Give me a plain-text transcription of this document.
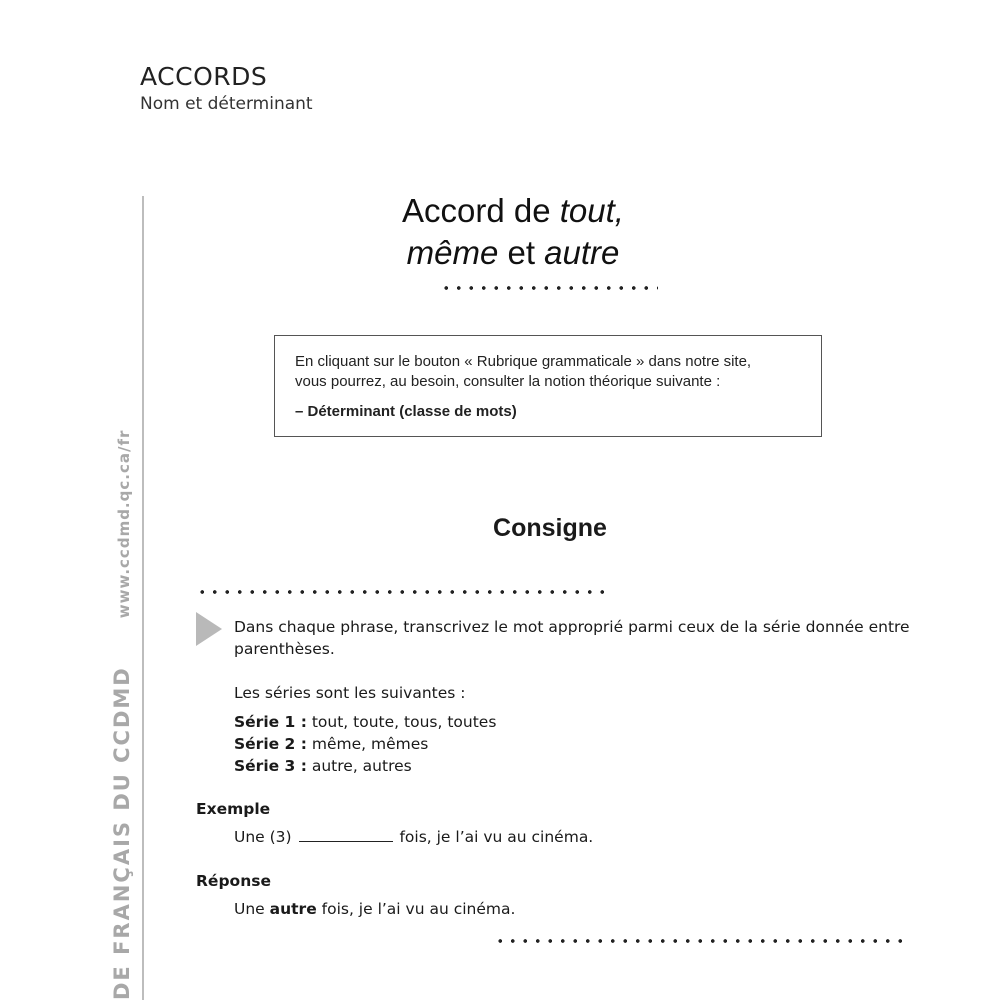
ACCORDS
Nom et déterminant
DE FRANÇAIS DU CCDMDwww.ccdmd.qc.ca/fr
Accord de tout,
même et autre

En cliquant sur le bouton « Rubrique grammaticale » dans notre site,

vous pourrez, au besoin, consulter la notion théorique suivante :

– Déterminant (classe de mots)

Consigne
Dans chaque phrase, transcrivez le mot approprié parmi ceux de la série donnée entre parenthèses.
Les séries sont les suivantes :
Série 1 : tout, toute, tous, toutes
Série 2 : même, mêmes
Série 3 : autre, autres
Exemple
Une (3)	fois, je l’ai vu au cinéma.
Réponse
Une autre fois, je l’ai vu au cinéma.
